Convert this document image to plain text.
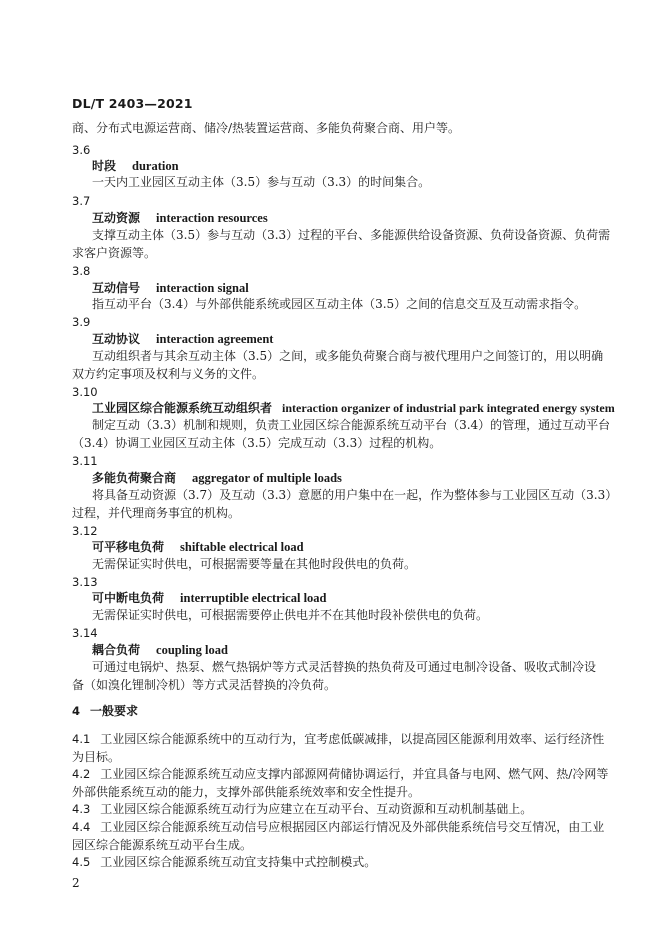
DL/T 2403—2021
商、分布式电源运营商、储冷/热装置运营商、多能负荷聚合商、用户等。
3.6
时段 duration
一天内工业园区互动主体（3.5）参与互动（3.3）的时间集合。
3.7
互动资源 interaction resources
支撑互动主体（3.5）参与互动（3.3）过程的平台、多能源供给设备资源、负荷设备资源、负荷需
求客户资源等。
3.8
互动信号 interaction signal
指互动平台（3.4）与外部供能系统或园区互动主体（3.5）之间的信息交互及互动需求指令。
3.9
互动协议 interaction agreement
互动组织者与其余互动主体（3.5）之间，或多能负荷聚合商与被代理用户之间签订的，用以明确
双方约定事项及权利与义务的文件。
3.10
工业园区综合能源系统互动组织者 interaction organizer of industrial park integrated energy system
制定互动（3.3）机制和规则，负责工业园区综合能源系统互动平台（3.4）的管理，通过互动平台
（3.4）协调工业园区互动主体（3.5）完成互动（3.3）过程的机构。
3.11
多能负荷聚合商 aggregator of multiple loads
将具备互动资源（3.7）及互动（3.3）意愿的用户集中在一起，作为整体参与工业园区互动（3.3）
过程，并代理商务事宜的机构。
3.12
可平移电负荷 shiftable electrical load
无需保证实时供电，可根据需要等量在其他时段供电的负荷。
3.13
可中断电负荷 interruptible electrical load
无需保证实时供电，可根据需要停止供电并不在其他时段补偿供电的负荷。
3.14
耦合负荷 coupling load
可通过电锅炉、热泵、燃气热锅炉等方式灵活替换的热负荷及可通过电制冷设备、吸收式制冷设
备（如溴化锂制冷机）等方式灵活替换的冷负荷。
4 一般要求
4.1 工业园区综合能源系统中的互动行为，宜考虑低碳减排，以提高园区能源利用效率、运行经济性
为目标。
4.2 工业园区综合能源系统互动应支撑内部源网荷储协调运行，并宜具备与电网、燃气网、热/冷网等
外部供能系统互动的能力，支撑外部供能系统效率和安全性提升。
4.3 工业园区综合能源系统互动行为应建立在互动平台、互动资源和互动机制基础上。
4.4 工业园区综合能源系统互动信号应根据园区内部运行情况及外部供能系统信号交互情况，由工业
园区综合能源系统互动平台生成。
4.5 工业园区综合能源系统互动宜支持集中式控制模式。
2
